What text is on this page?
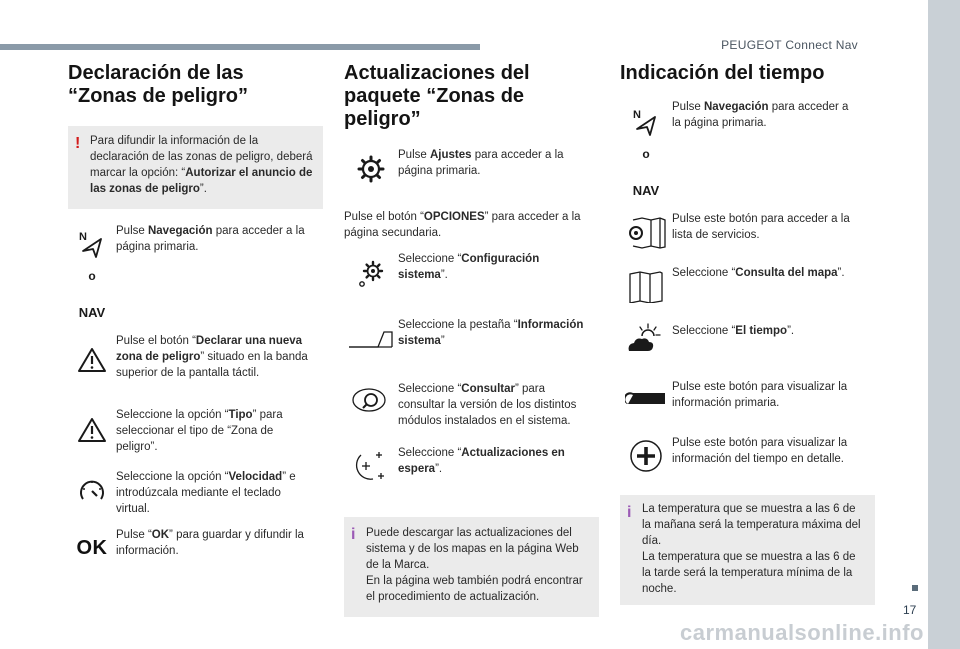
PEUGEOT Connect Nav
17
carmanualsonline.info
Declaración de las “Zonas de peligro”
! Para difundir la información de la declaración de las zonas de peligro, deberá marcar la opción: “Autorizar el anuncio de las zonas de peligro”.
N
o
NAV
Pulse Navegación para acceder a la página primaria.
Pulse el botón “Declarar una nueva zona de peligro” situado en la banda superior de la pantalla táctil.
Seleccione la opción “Tipo” para seleccionar el tipo de “Zona de peligro”.
Seleccione la opción “Velocidad” e introdúzcala mediante el teclado virtual.
OK
Pulse “OK” para guardar y difundir la información.
Actualizaciones del paquete “Zonas de peligro”
Pulse Ajustes para acceder a la página primaria.
Pulse el botón “OPCIONES” para acceder a la página secundaria.
Seleccione “Configuración sistema”.
Seleccione la pestaña “Información sistema”
Seleccione “Consultar” para consultar la versión de los distintos módulos instalados en el sistema.
Seleccione “Actualizaciones en espera”.
i Puede descargar las actualizaciones del sistema y de los mapas en la página Web de la Marca.
En la página web también podrá encontrar el procedimiento de actualización.
Indicación del tiempo
N
o
NAV
Pulse Navegación para acceder a la página primaria.
Pulse este botón para acceder a la lista de servicios.
Seleccione “Consulta del mapa”.
Seleccione “El tiempo”.
Pulse este botón para visualizar la información primaria.
Pulse este botón para visualizar la información del tiempo en detalle.
i La temperatura que se muestra a las 6 de la mañana será la temperatura máxima del día.
La temperatura que se muestra a las 6 de la tarde será la temperatura mínima de la noche.
